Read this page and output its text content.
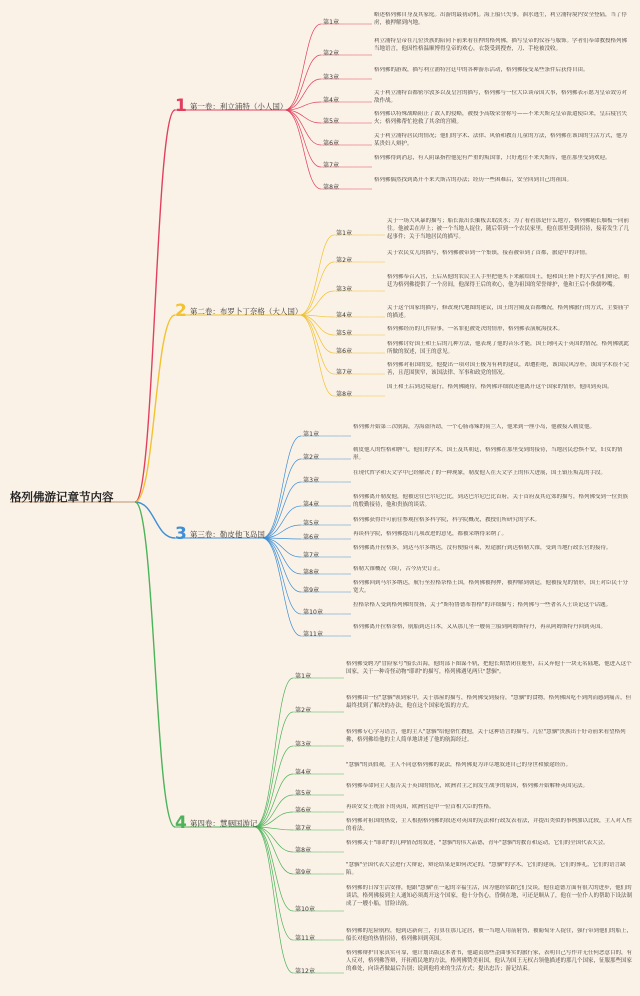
格列佛游记章节内容
1 第一卷：利立浦特（小人国）
2 第二卷：布罗卜丁奈格（大人国）
3 第三卷：勒皮他飞岛国
4 第四卷：慧骃国游记
第1章
略述格列佛自身及其家庭。出游的最初动机。海上船只失事，泅水逃生，利立浦特境内安全登陆，当了俘虏，被押解到内地。
第2章
利立浦特皇帝在几位贵族的陪同下前来看在押的格列佛，描写皇帝的仪容与服饰。学者们奉命教授格列佛当地语言，他因性格温顺博得皇帝的欢心，衣袋受到搜查，刀、手枪被没收。
第3章
格列佛的游戏，描写利立浦特宫廷中的各种游乐活动，格列佛接受某些条件后获得自由。
第4章
关于利立浦特首都密尔敦多以及皇宫的描写，格列佛与一位大臣谈帝国大事，格列佛表示愿为皇帝效劳对敌作战。
第5章
格列佛以特殊战略阻止了敌人的侵略，被授予高级荣誉称号——不来夫斯克皇帝派遣使臣来，皇后寝宫失火；格列佛帮忙抢救了其余的宫殿。
第6章
关于利立浦特居民的情况；他们的学术、法律、风俗和教育儿童的方法，格列佛在该国的生活方式，他为某贵妇人辩护。
第7章
格列佛得到消息，有人阴谋指控他犯有严重的叛国罪，只好逃往不来夫斯库，他在那里受到欢迎。
第8章
格列佛偶然找到离开不来夫斯古的办法；经历一些困难后，安全回到自己的祖国。
第1章
关于一场大风暴的描写；船长派出长舢板去取淡水；为了看看那是什么地方，格列佛随长舢板一同前往。他被丢在岸上；被一个当地人捉住，随后带到一个农民家里，他在那里受到招待，接着发生了几起事件；关于当地居民的描写。
第2章
关于农民女儿的描写，格列佛被带到一个集镇，接着被带到了首都，旅途中的详情。
第3章
格列佛奉召入宫，王后从他的农民主人手里把他买下来献给国王，他和国王陛下的大学者们辩论，朝廷为格列佛提供了一个房间，他深得王后的欢心，他为祖国的荣誉辩护，他和王后小侏儒吵嘴。
第4章
关于这个国家的描写，修改现代地图的建议，国王的宫殿及首都概况，格列佛旅行的方式，主要庙宇的描述。
第5章
格列佛经历的几件险事，一名罪犯被处决的情形，格列佛表演航海技术。
第6章
格列佛讨好国王和王后的几种方法，他表现了他的音乐才能，国王询问关于英国的情况，格列佛就此所做的叙述，国王的意见。
第7章
格列佛对祖国的爱，他提出一项对国王极为有利的建议，却遭拒绝，该国民风淳朴，该国学术很不完善，且范围狭窄，该国法律、军事和政党的情况。
第8章
国王和王后到边境巡行，格列佛随侍，格列佛详细叙述他离开这个国家的情形，他回到英国。
第1章
格列佛开始第三次航海，为海盗所劫，一个心肠毒辣的荷兰人，他来到一座小岛，他被接入勒皮他。
第2章
勒皮他人的性格和脾气，他们的学术，国王及其朝廷，格列佛在那里受到的接待，当地居民恐惧不安，妇女的情形。
第3章
在现代哲学和天文学中已经解决了的一种现象，勒皮他人在天文学上的伟大进展，国王镇压叛乱的手段。
第4章
格列佛离开勒皮他，他被送往巴尔尼巴比，到达巴尔尼巴比首府，关于首府及其近郊的描写，格列佛受到一位贵族的殷勤接待，他和贵族的谈话。
第5章	格列佛获得许可前往参观拉格多科学院，科学院概况，教授们所研究的学术。
第6章	再谈科学院，格列佛提出几项改进的意见，都被采纳得采纳了。
第7章
格列佛离开拉格多，到达马尔多纳达，没有便船可乘，短途旅行到达格勒大锥，受到当地行政长官的接待。
第8章	格勒大锥概况（续），古今历史订正。
第9章
格列佛回到马尔多纳达，航行至拉格奈格王国，格列佛被拘押，被押解到朝廷，他被接见的情形，国王对臣民十分宽大。
第10章
拉格奈格人受到格列佛的赞扬，关于"斯特鲁德布鲁格"的详细描写；格列佛与一些著名人士谈论这个话题。
第11章
格列佛离开拉格奈格，航船到达日本，又从那儿坐一艘荷兰船到阿姆斯特丹，再从阿姆斯特丹回到英国。
第1章
格列佛受聘为"冒险家号"船长出海，他的部下图谋不轨，把他长期禁闭在舱里，后又弃他于一块无名陆地，他进入这个国家，关于一种奇怪动物"耶胡"的描写，格列佛遇见两只"慧骃"。
第2章
格列佛由一位"慧骃"领到家中，关于那屋的描写，格列佛受到接待，"慧骃"的食物，格列佛因吃不到肉而感到痛苦，但最终找到了解决的办法，他在这个国家吃饭的方式。
第3章
格列佛专心学习语言，他的主人"慧骃"给他帮忙教他，关于这种语言的描写，几位"慧骃"贵族出于好奇前来看望格列佛，格列佛给他的主人简单地讲述了他的航海经过。
第4章
"慧骃"的真假观，主人不同意格列佛的说法，格列佛更为详尽地叙述自己的身世和旅途经历。
第5章
格列佛奉命向主人报告关于英国的情况，欧洲君主之间发生战争的原因，格列佛开始解释英国宪法。
第6章	再谈安女王统治下的英国，欧洲宫廷中一位首相大臣的性格。
第7章
格列佛对祖国的热爱，主人根据格列佛的叙述对英国的宪法和行政发表看法，并提出类似的事例加以比较，主人对人性的看法。
第8章
格列佛关于"耶胡"的几种情况的叙述，"慧骃"的伟大品德，青年"慧骃"的教育和运动，它们的全国代表大会。
第9章
"慧骃"全国代表大会进行大辩论，辩论结果是如何决定的，"慧骃"的学术，它们的建筑，它们的葬礼，它们的语言缺陷。
第10章
格列佛的日常生活安排，他跟"慧骃"在一起的幸福生活，因为他经常跟它们交谈，他在道德方面有很大的进步，他们的谈话，格列佛接到主人通知必须离开这个国家，他十分伤心，昏倒在地，可还是顺从了，他在一位仆人的帮助下设法制成了一艘小船，冒险出航。
第11章
格列佛的危险航程，他到达新荷兰，打算在那儿定居，被一当地人用箭射伤，被葡萄牙人捉住，强行带到他们的船上，船长对他的热情招待，格列佛回到英国。
第12章
格列佛辩护自家真实可靠，他计划出版这本著书，他谴责那些歪曲事实的旅行家，表明自己写作并无任何恶意目的，有人反对，格列佛答辩，开拓殖民地的方法，格列佛赞美祖国，他认为国王无权占领他描述的那几个国家，征服那些国家的难处，向读者做最后告别；说到他将来的生活方式；提出忠告；游记结束。
